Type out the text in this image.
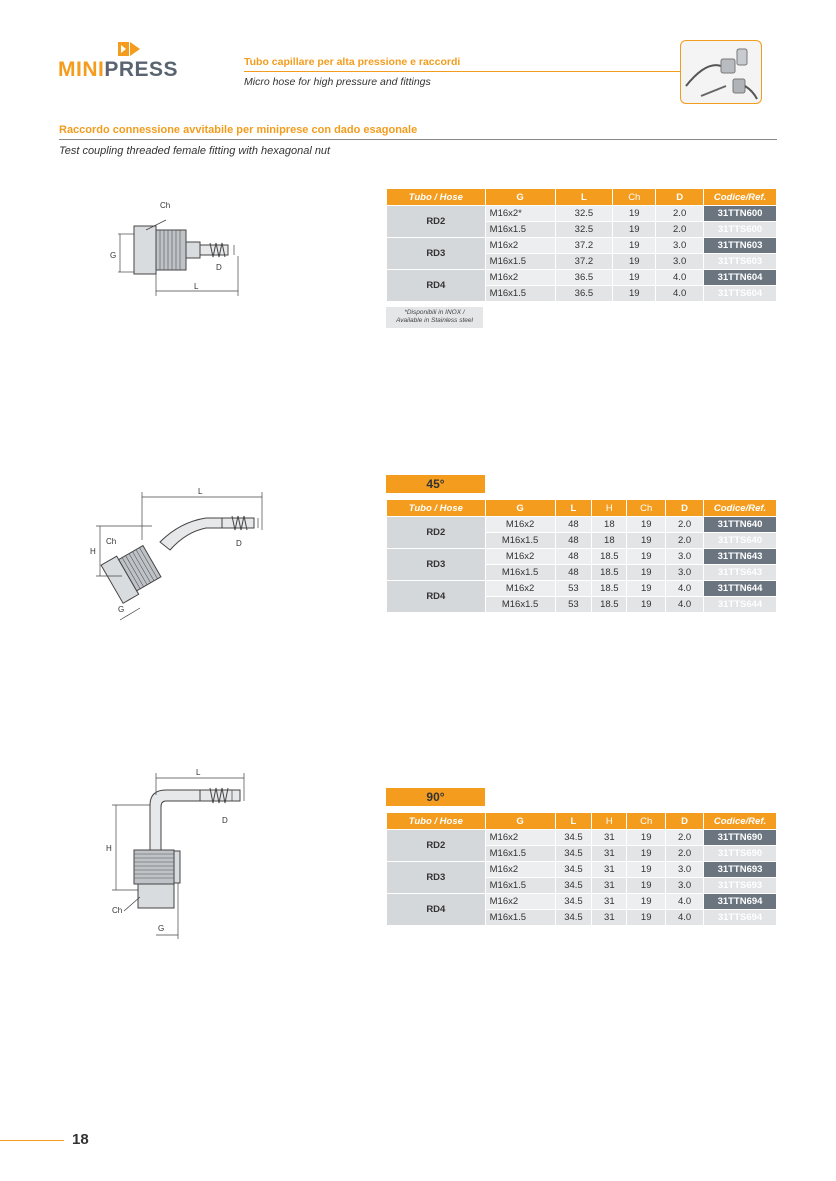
MINIPRESS	Tubo capillare per alta pressione e raccordi
Micro hose for high pressure and fittings
Raccordo connessione avvitabile per miniprese con dado esagonale
Test coupling threaded female fitting with hexagonal nut
G
L
D
Ch
Tubo / Hose	G	L	Ch	D	Codice/Ref.
RD2	M16x2*	32.5	19	2.0	31TTN600
	M16x1.5	32.5	19	2.0	31TTS600
RD3	M16x2	37.2	19	3.0	31TTN603
	M16x1.5	37.2	19	3.0	31TTS603
RD4	M16x2	36.5	19	4.0	31TTN604
	M16x1.5	36.5	19	4.0	31TTS604
*Disponibili in INOX /
Available in Stainless steel
L
H
D
Ch
G
45°
Tubo / Hose	G	L	H	Ch	D	Codice/Ref.
RD2	M16x2	48	18	19	2.0	31TTN640
	M16x1.5	48	18	19	2.0	31TTS640
RD3	M16x2	48	18.5	19	3.0	31TTN643
	M16x1.5	48	18.5	19	3.0	31TTS643
RD4	M16x2	53	18.5	19	4.0	31TTN644
	M16x1.5	53	18.5	19	4.0	31TTS644
L
H
D
Ch
G
90°
Tubo / Hose	G	L	H	Ch	D	Codice/Ref.
RD2	M16x2	34.5	31	19	2.0	31TTN690
	M16x1.5	34.5	31	19	2.0	31TTS690
RD3	M16x2	34.5	31	19	3.0	31TTN693
	M16x1.5	34.5	31	19	3.0	31TTS693
RD4	M16x2	34.5	31	19	4.0	31TTN694
	M16x1.5	34.5	31	19	4.0	31TTS694
18
